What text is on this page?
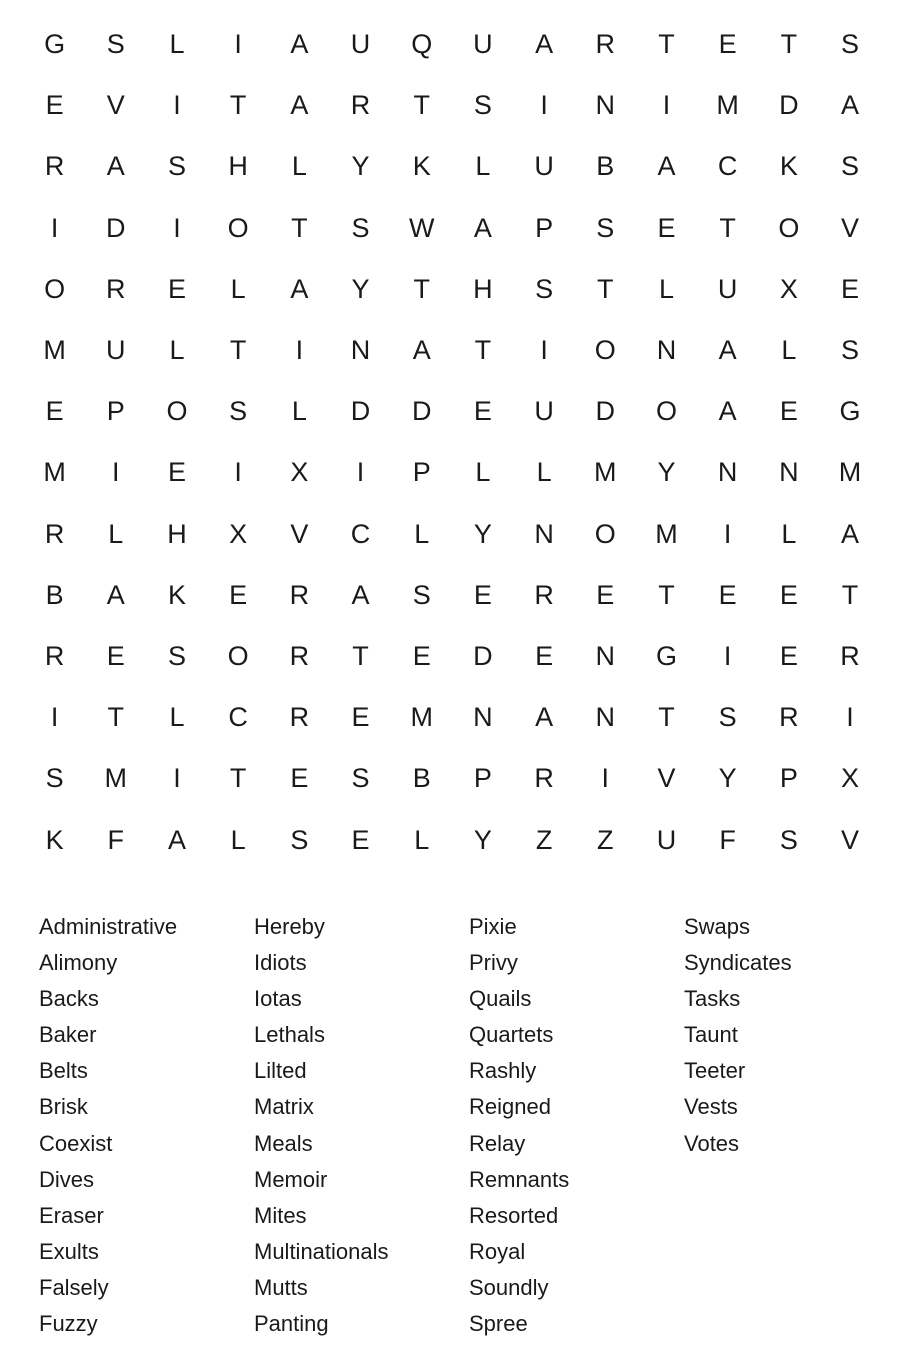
G	S	L	I	A	U	Q	U	A	R	T	E	T	S
E	V	I	T	A	R	T	S	I	N	I	M	D	A
R	A	S	H	L	Y	K	L	U	B	A	C	K	S
I	D	I	O	T	S	W	A	P	S	E	T	O	V
O	R	E	L	A	Y	T	H	S	T	L	U	X	E
M	U	L	T	I	N	A	T	I	O	N	A	L	S
E	P	O	S	L	D	D	E	U	D	O	A	E	G
M	I	E	I	X	I	P	L	L	M	Y	N	N	M
R	L	H	X	V	C	L	Y	N	O	M	I	L	A
B	A	K	E	R	A	S	E	R	E	T	E	E	T
R	E	S	O	R	T	E	D	E	N	G	I	E	R
I	T	L	C	R	E	M	N	A	N	T	S	R	I
S	M	I	T	E	S	B	P	R	I	V	Y	P	X
K	F	A	L	S	E	L	Y	Z	Z	U	F	S	V
Administrative
Alimony
Backs
Baker
Belts
Brisk
Coexist
Dives
Eraser
Exults
Falsely
Fuzzy
Hereby
Idiots
Iotas
Lethals
Lilted
Matrix
Meals
Memoir
Mites
Multinationals
Mutts
Panting
Pixie
Privy
Quails
Quartets
Rashly
Reigned
Relay
Remnants
Resorted
Royal
Soundly
Spree
Swaps
Syndicates
Tasks
Taunt
Teeter
Vests
Votes
